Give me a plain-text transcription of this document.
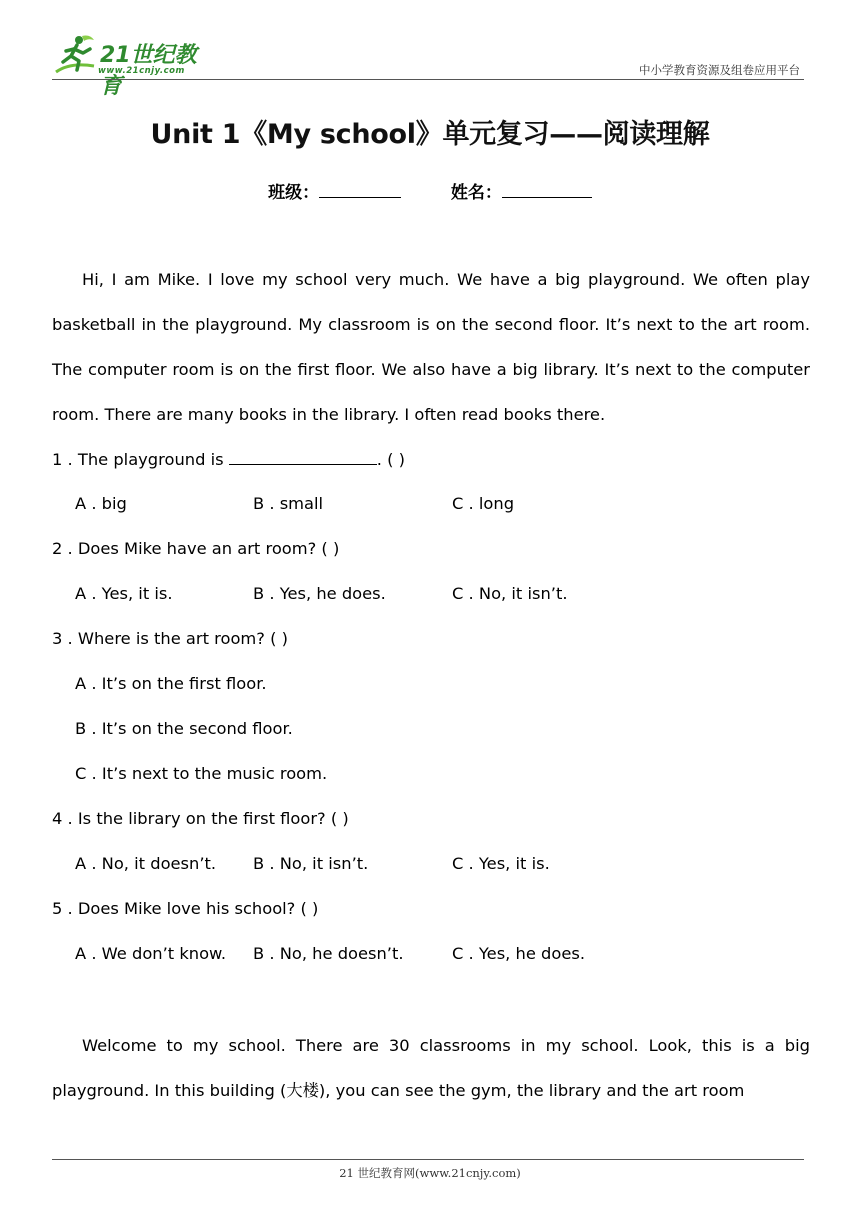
21世纪教育
www.21cnjy.com	中小学教育资源及组卷应用平台
Unit 1《My school》单元复习——阅读理解
班级：	姓名：
Hi, I am Mike. I love my school very much. We have a big playground. We often play basketball in the playground. My classroom is on the second floor. It’s next to the art room. The computer room is on the first floor. We also have a big library. It’s next to the computer room. There are many books in the library. I often read books there.
1 . The playground is	. ( )
A . big	B . small	C . long
2 . Does Mike have an art room? ( )
A . Yes, it is.	B . Yes, he does.	C . No, it isn’t.
3 . Where is the art room? ( )
A . It’s on the first floor.
B . It’s on the second floor.
C . It’s next to the music room.
4 . Is the library on the first floor? ( )
A . No, it doesn’t. B . No, it isn’t.	C . Yes, it is.
5 . Does Mike love his school? ( )
A . We don’t know. B . No, he doesn’t.	C . Yes, he does.
Welcome to my school. There are 30 classrooms in my school. Look, this is a big playground. In this building (大楼), you can see the gym, the library and the art room
21 世纪教育网(www.21cnjy.com)
